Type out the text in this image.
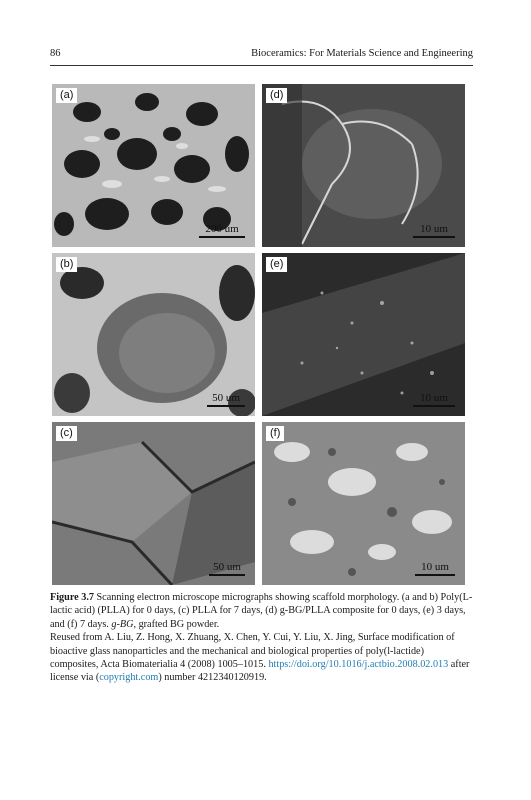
86	Bioceramics: For Materials Science and Engineering
(a)
200 um
(d)
10 um
(b)
50 um
(e)
10 um
(c)
50 um
(f)
10 um
Figure 3.7 Scanning electron microscope micrographs showing scaffold morphology. (a and b) Poly(L-lactic acid) (PLLA) for 0 days, (c) PLLA for 7 days, (d) g-BG/PLLA composite for 0 days, (e) 3 days, and (f) 7 days. g-BG, grafted BG powder.
Reused from A. Liu, Z. Hong, X. Zhuang, X. Chen, Y. Cui, Y. Liu, X. Jing, Surface modification of bioactive glass nanoparticles and the mechanical and biological properties of poly(l-lactide) composites, Acta Biomaterialia 4 (2008) 1005–1015. https://doi.org/10.1016/j.actbio.2008.02.013 after license via (copyright.com) number 4212340120919.
